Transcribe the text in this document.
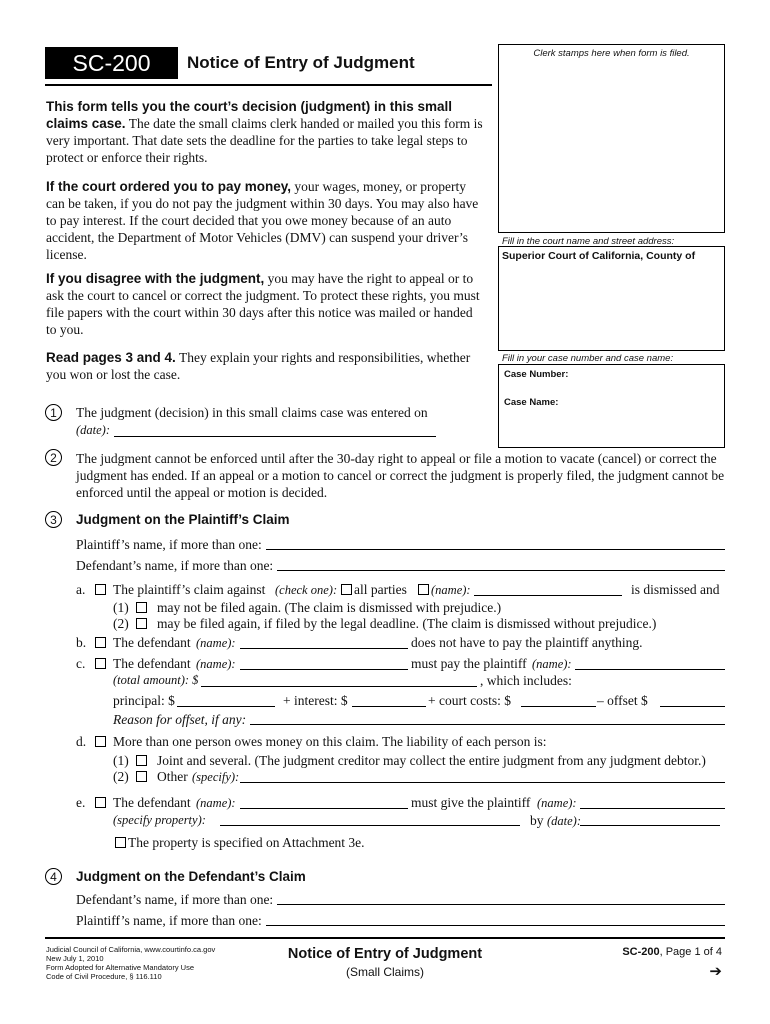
SC-200	Notice of Entry of Judgment	Clerk stamps here when form is filed.
Fill in the court name and street address:
Superior Court of California, County of
Fill in your case number and case name:
Case Number:
Case Name:
This form tells you the court’s decision (judgment) in this small claims case. The date the small claims clerk handed or mailed you this form is very important. That date sets the deadline for the parties to take legal steps to protect or enforce their rights.
If the court ordered you to pay money, your wages, money, or property can be taken, if you do not pay the judgment within 30 days. You may also have to pay interest. If the court decided that you owe money because of an auto accident, the Department of Motor Vehicles (DMV) can suspend your driver’s license.
If you disagree with the judgment, you may have the right to appeal or to ask the court to cancel or correct the judgment. To protect these rights, you must file papers with the court within 30 days after this notice was mailed or handed to you.
Read pages 3 and 4. They explain your rights and responsibilities, whether you won or lost the case.
1	The judgment (decision) in this small claims case was entered on
(date):
2	The judgment cannot be enforced until after the 30-day right to appeal or file a motion to vacate (cancel) or correct the judgment has ended. If an appeal or a motion to cancel or correct the judgment is properly filed, the judgment cannot be enforced until the appeal or motion is decided.
3	Judgment on the Plaintiff’s Claim
Plaintiff’s name, if more than one:
Defendant’s name, if more than one:
a. The plaintiff’s claim against (check one): all parties (name):	is dismissed and
(1) may not be filed again. (The claim is dismissed with prejudice.)
(2) may be filed again, if filed by the legal deadline. (The claim is dismissed without prejudice.)
b. The defendant (name):	does not have to pay the plaintiff anything.
c. The defendant (name):	must pay the plaintiff (name):
(total amount): $	, which includes:
principal: $	+ interest: $	+ court costs: $	– offset $
Reason for offset, if any:
d. More than one person owes money on this claim. The liability of each person is:
(1) Joint and several. (The judgment creditor may collect the entire judgment from any judgment debtor.)
(2) Other (specify):
e. The defendant (name):	must give the plaintiff (name):
(specify property):	by (date):
The property is specified on Attachment 3e.
4	Judgment on the Defendant’s Claim
Defendant’s name, if more than one:
Plaintiff’s name, if more than one:
Judicial Council of California, www.courtinfo.ca.gov
New July 1, 2010
Form Adopted for Alternative Mandatory Use
Code of Civil Procedure, § 116.110
Notice of Entry of Judgment
(Small Claims)
SC-200, Page 1 of 4
➔
